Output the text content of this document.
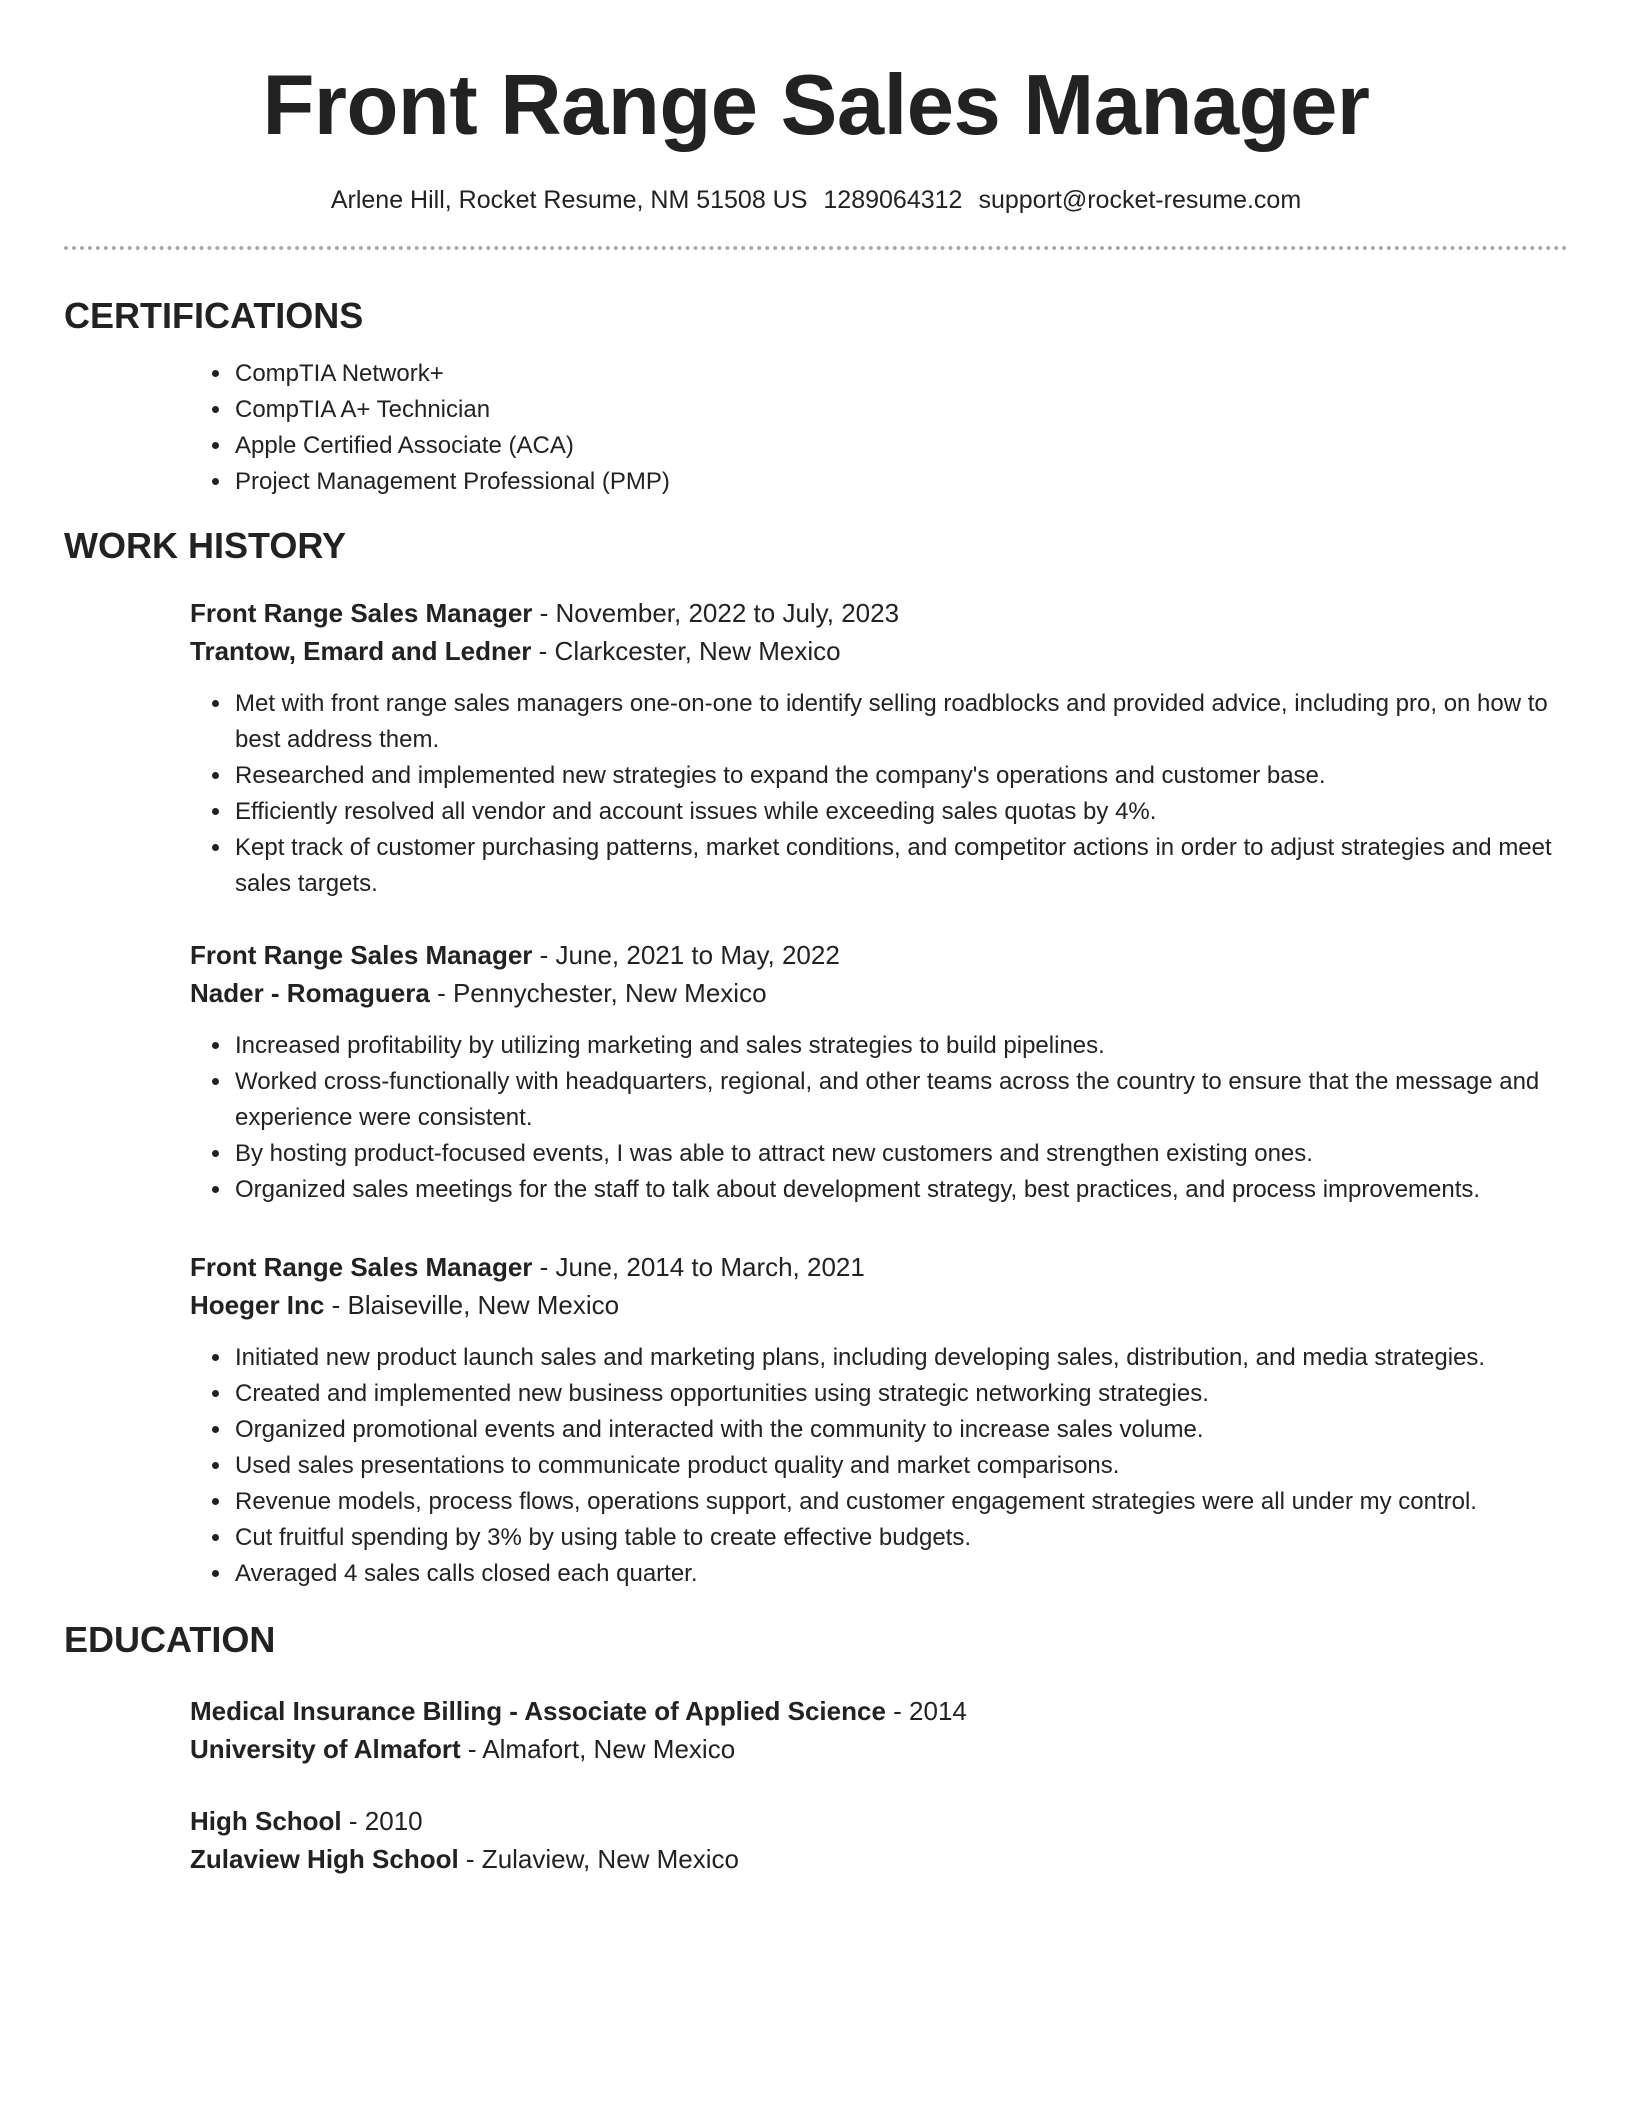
Front Range Sales Manager
Arlene Hill, Rocket Resume, NM 51508 US 1289064312 support@rocket-resume.com
CERTIFICATIONS
• CompTIA Network+
• CompTIA A+ Technician
• Apple Certified Associate (ACA)
• Project Management Professional (PMP)
WORK HISTORY
Front Range Sales Manager - November, 2022 to July, 2023
Trantow, Emard and Ledner - Clarkcester, New Mexico
• Met with front range sales managers one-on-one to identify selling roadblocks and provided advice, including pro, on how to best address them.
• Researched and implemented new strategies to expand the company's operations and customer base.
• Efficiently resolved all vendor and account issues while exceeding sales quotas by 4%.
• Kept track of customer purchasing patterns, market conditions, and competitor actions in order to adjust strategies and meet sales targets.
Front Range Sales Manager - June, 2021 to May, 2022
Nader - Romaguera - Pennychester, New Mexico
• Increased profitability by utilizing marketing and sales strategies to build pipelines.
• Worked cross-functionally with headquarters, regional, and other teams across the country to ensure that the message and experience were consistent.
• By hosting product-focused events, I was able to attract new customers and strengthen existing ones.
• Organized sales meetings for the staff to talk about development strategy, best practices, and process improvements.
Front Range Sales Manager - June, 2014 to March, 2021
Hoeger Inc - Blaiseville, New Mexico
• Initiated new product launch sales and marketing plans, including developing sales, distribution, and media strategies.
• Created and implemented new business opportunities using strategic networking strategies.
• Organized promotional events and interacted with the community to increase sales volume.
• Used sales presentations to communicate product quality and market comparisons.
• Revenue models, process flows, operations support, and customer engagement strategies were all under my control.
• Cut fruitful spending by 3% by using table to create effective budgets.
• Averaged 4 sales calls closed each quarter.
EDUCATION
Medical Insurance Billing - Associate of Applied Science - 2014
University of Almafort - Almafort, New Mexico
High School - 2010
Zulaview High School - Zulaview, New Mexico
